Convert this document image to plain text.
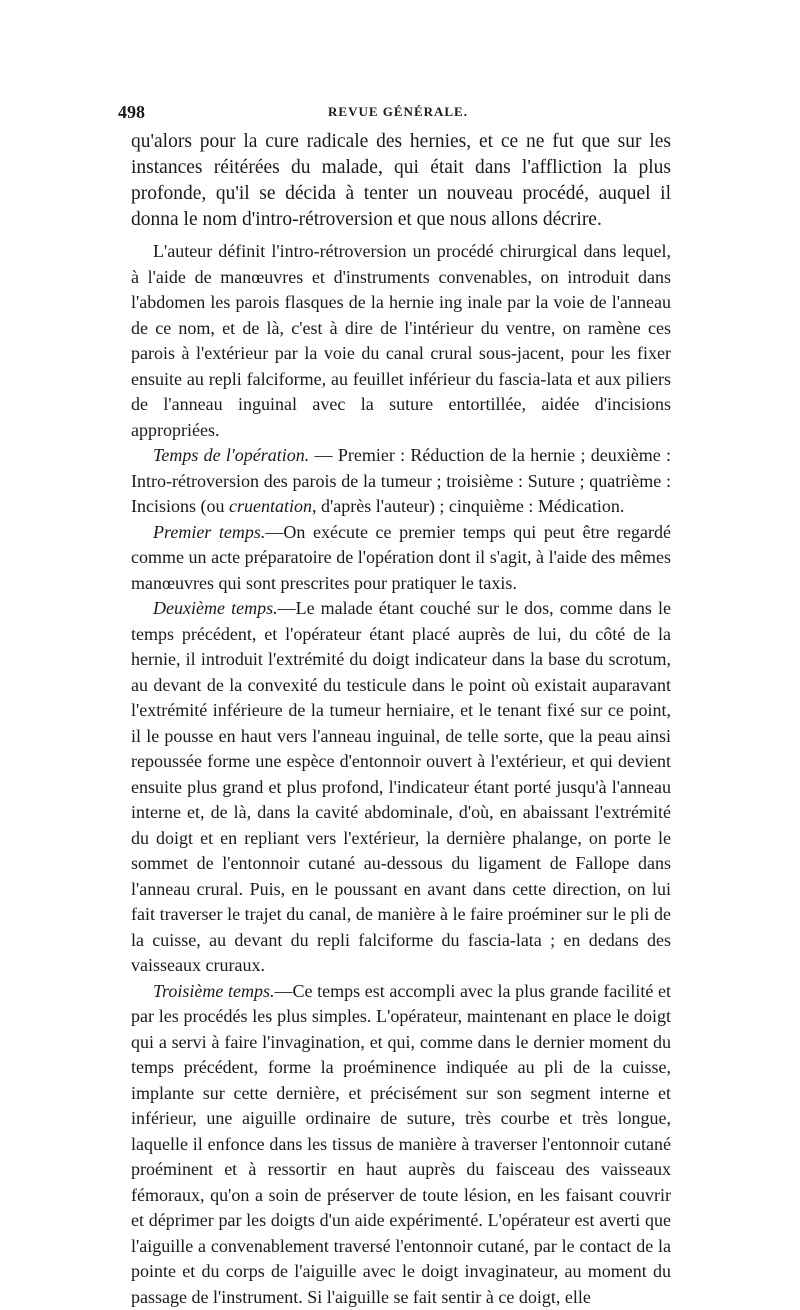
498	REVUE GÉNÉRALE.

qu'alors pour la cure radicale des hernies, et ce ne fut que sur les instances réitérées du malade, qui était dans l'affliction la plus profonde, qu'il se décida à tenter un nouveau procédé, auquel il donna le nom d'intro-rétroversion et que nous allons décrire.

L'auteur définit l'intro-rétroversion un procédé chirurgical dans lequel, à l'aide de manœuvres et d'instruments convenables, on introduit dans l'abdomen les parois flasques de la hernie ing inale par la voie de l'anneau de ce nom, et de là, c'est à dire de l'intérieur du ventre, on ramène ces parois à l'extérieur par la voie du canal crural sous-jacent, pour les fixer ensuite au repli falciforme, au feuillet inférieur du fascia-lata et aux piliers de l'anneau inguinal avec la suture entortillée, aidée d'incisions appropriées.

Temps de l'opération. — Premier : Réduction de la hernie ; deuxième : Intro-rétroversion des parois de la tumeur ; troisième : Suture ; quatrième : Incisions (ou cruentation, d'après l'auteur) ; cinquième : Médication.

Premier temps.—On exécute ce premier temps qui peut être regardé comme un acte préparatoire de l'opération dont il s'agit, à l'aide des mêmes manœuvres qui sont prescrites pour pratiquer le taxis.

Deuxième temps.—Le malade étant couché sur le dos, comme dans le temps précédent, et l'opérateur étant placé auprès de lui, du côté de la hernie, il introduit l'extrémité du doigt indicateur dans la base du scrotum, au devant de la convexité du testicule dans le point où existait auparavant l'extrémité inférieure de la tumeur herniaire, et le tenant fixé sur ce point, il le pousse en haut vers l'anneau inguinal, de telle sorte, que la peau ainsi repoussée forme une espèce d'entonnoir ouvert à l'extérieur, et qui devient ensuite plus grand et plus profond, l'indicateur étant porté jusqu'à l'anneau interne et, de là, dans la cavité abdominale, d'où, en abaissant l'extrémité du doigt et en repliant vers l'extérieur, la dernière phalange, on porte le sommet de l'entonnoir cutané au-dessous du ligament de Fallope dans l'anneau crural. Puis, en le poussant en avant dans cette direction, on lui fait traverser le trajet du canal, de manière à le faire proéminer sur le pli de la cuisse, au devant du repli falciforme du fascia-lata ; en dedans des vaisseaux cruraux.

Troisième temps.—Ce temps est accompli avec la plus grande facilité et par les procédés les plus simples. L'opérateur, maintenant en place le doigt qui a servi à faire l'invagination, et qui, comme dans le dernier moment du temps précédent, forme la proéminence indiquée au pli de la cuisse, implante sur cette dernière, et précisément sur son segment interne et inférieur, une aiguille ordinaire de suture, très courbe et très longue, laquelle il enfonce dans les tissus de manière à traverser l'entonnoir cutané proéminent et à ressortir en haut auprès du faisceau des vaisseaux fémoraux, qu'on a soin de préserver de toute lésion, en les faisant couvrir et déprimer par les doigts d'un aide expérimenté. L'opérateur est averti que l'aiguille a convenablement traversé l'entonnoir cutané, par le contact de la pointe et du corps de l'aiguille avec le doigt invaginateur, au moment du passage de l'instrument. Si l'aiguille se fait sentir à ce doigt, elle
